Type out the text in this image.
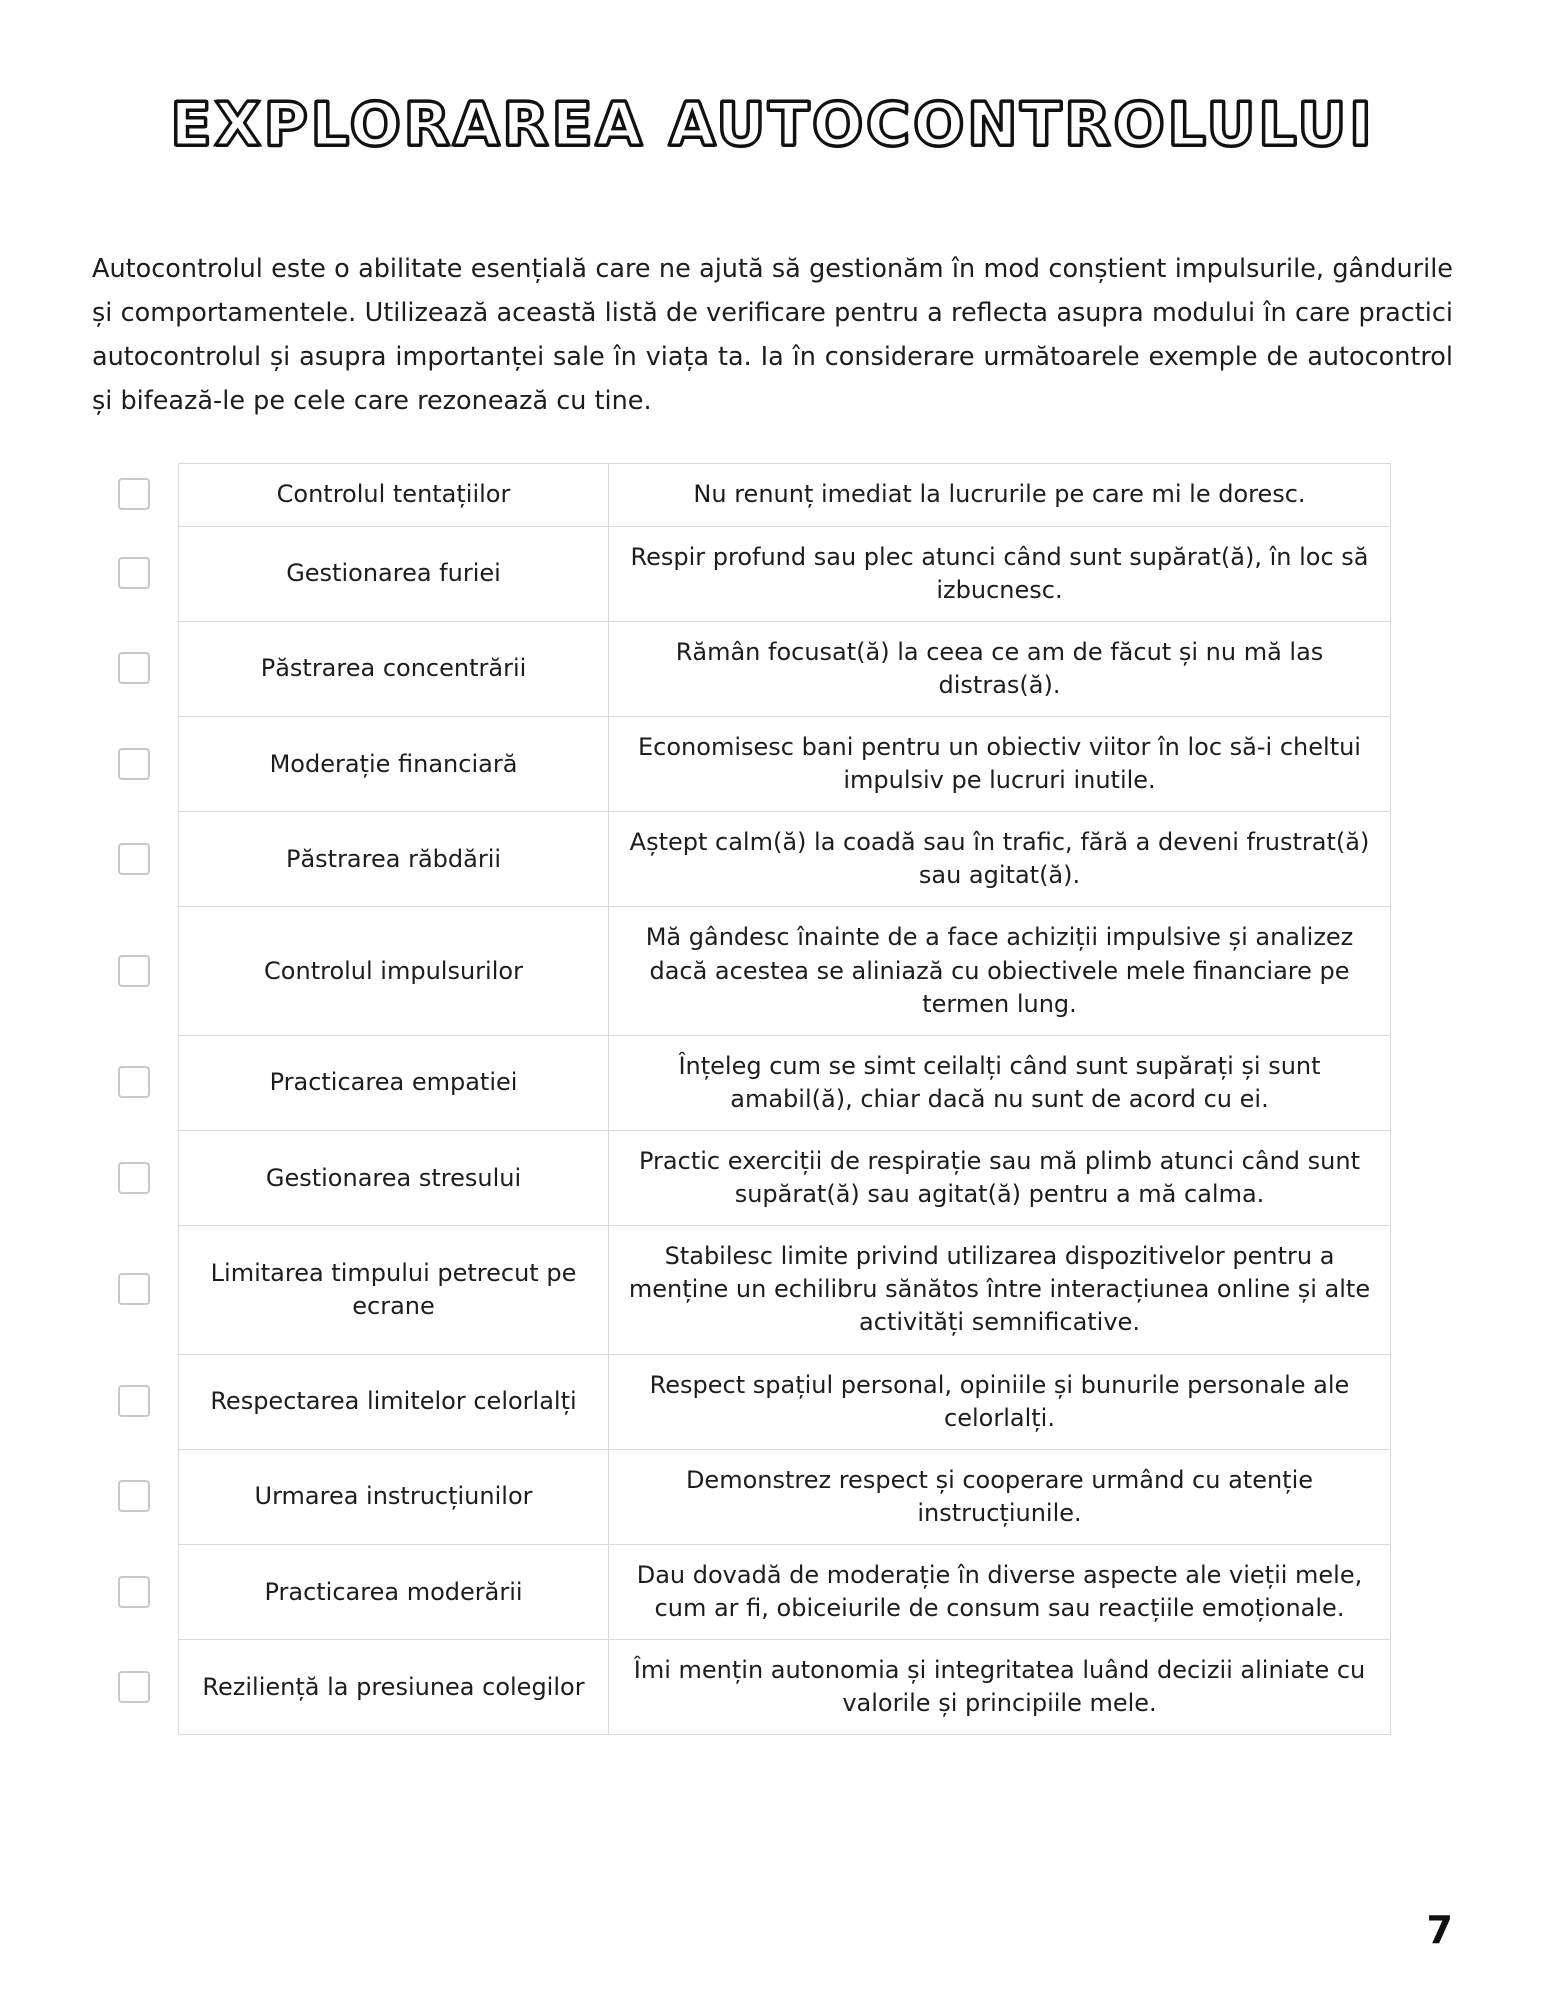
EXPLORAREA AUTOCONTROLULUI

Autocontrolul este o abilitate esențială care ne ajută să gestionăm în mod conștient impulsurile, gândurile și comportamentele. Utilizează această listă de verificare pentru a reflecta asupra modului în care practici autocontrolul și asupra importanței sale în viața ta. Ia în considerare următoarele exemple de autocontrol și bifează-le pe cele care rezonează cu tine.

Controlul tentațiilor	Nu renunț imediat la lucrurile pe care mi le doresc.
Gestionarea furiei	Respir profund sau plec atunci când sunt supărat(ă), în loc să izbucnesc.
Păstrarea concentrării	Rămân focusat(ă) la ceea ce am de făcut și nu mă las distras(ă).
Moderație financiară	Economisesc bani pentru un obiectiv viitor în loc să-i cheltui impulsiv pe lucruri inutile.
Păstrarea răbdării	Aștept calm(ă) la coadă sau în trafic, fără a deveni frustrat(ă) sau agitat(ă).
Controlul impulsurilor	Mă gândesc înainte de a face achiziții impulsive și analizez dacă acestea se aliniază cu obiectivele mele financiare pe termen lung.
Practicarea empatiei	Înțeleg cum se simt ceilalți când sunt supărați și sunt amabil(ă), chiar dacă nu sunt de acord cu ei.
Gestionarea stresului	Practic exerciții de respirație sau mă plimb atunci când sunt supărat(ă) sau agitat(ă) pentru a mă calma.
Limitarea timpului petrecut pe ecrane	Stabilesc limite privind utilizarea dispozitivelor pentru a menține un echilibru sănătos între interacțiunea online și alte activități semnificative.
Respectarea limitelor celorlalți	Respect spațiul personal, opiniile și bunurile personale ale celorlalți.
Urmarea instrucțiunilor	Demonstrez respect și cooperare urmând cu atenție instrucțiunile.
Practicarea moderării	Dau dovadă de moderație în diverse aspecte ale vieții mele, cum ar fi, obiceiurile de consum sau reacțiile emoționale.
Reziliență la presiunea colegilor	Îmi mențin autonomia și integritatea luând decizii aliniate cu valorile și principiile mele.
7
